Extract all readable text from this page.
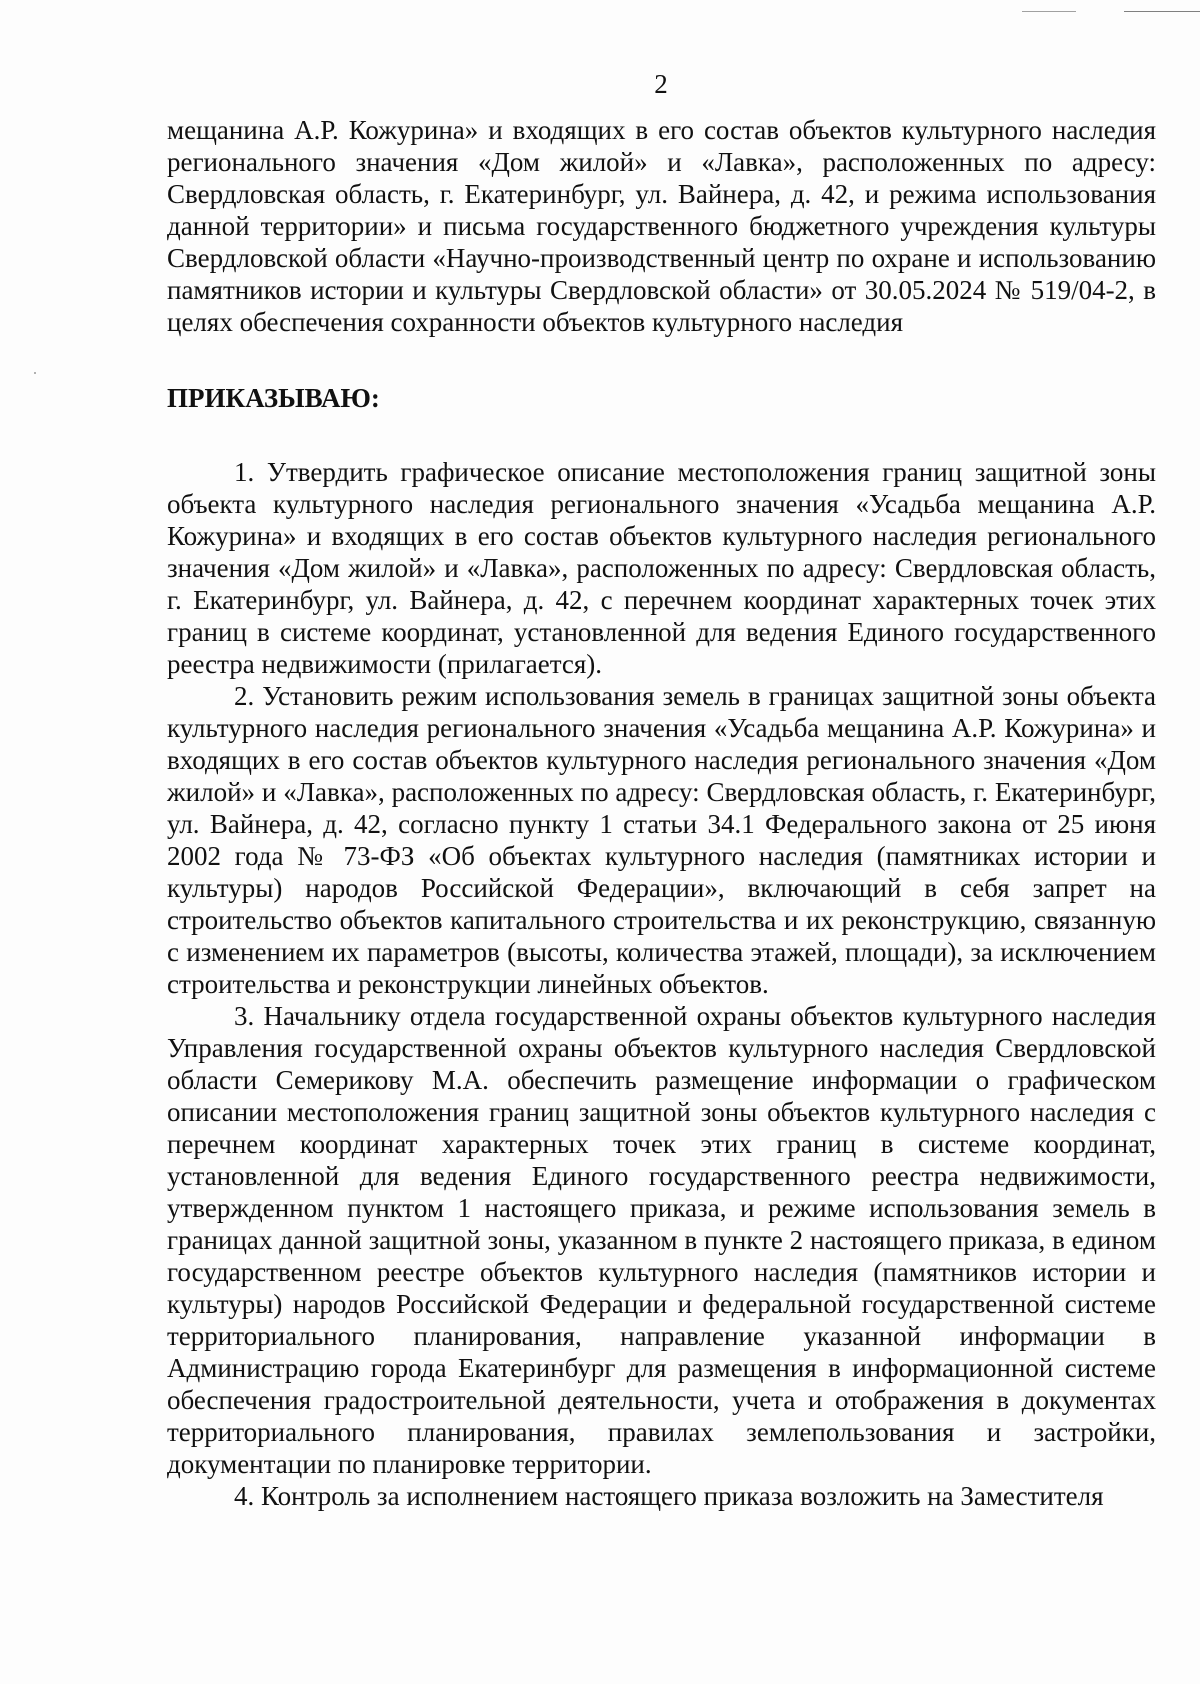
2

мещанина А.Р. Кожурина» и входящих в его состав объектов культурного наследия регионального значения «Дом жилой» и «Лавка», расположенных по адресу: Свердловская область, г. Екатеринбург, ул. Вайнера, д. 42, и режима использования данной территории» и письма государственного бюджетного учреждения культуры Свердловской области «Научно-производственный центр по охране и использованию памятников истории и культуры Свердловской области» от 30.05.2024 № 519/04-2, в целях обеспечения сохранности объектов культурного наследия

ПРИКАЗЫВАЮ:

1. Утвердить графическое описание местоположения границ защитной зоны объекта культурного наследия регионального значения «Усадьба мещанина А.Р. Кожурина» и входящих в его состав объектов культурного наследия регионального значения «Дом жилой» и «Лавка», расположенных по адресу: Свердловская область, г. Екатеринбург, ул. Вайнера, д. 42, с перечнем координат характерных точек этих границ в системе координат, установленной для ведения Единого государственного реестра недвижимости (прилагается).

2. Установить режим использования земель в границах защитной зоны объекта культурного наследия регионального значения «Усадьба мещанина А.Р. Кожурина» и входящих в его состав объектов культурного наследия регионального значения «Дом жилой» и «Лавка», расположенных по адресу: Свердловская область, г. Екатеринбург, ул. Вайнера, д. 42, согласно пункту 1 статьи 34.1 Федерального закона от 25 июня 2002 года № 73-ФЗ «Об объектах культурного наследия (памятниках истории и культуры) народов Российской Федерации», включающий в себя запрет на строительство объектов капитального строительства и их реконструкцию, связанную с изменением их параметров (высоты, количества этажей, площади), за исключением строительства и реконструкции линейных объектов.

3. Начальнику отдела государственной охраны объектов культурного наследия Управления государственной охраны объектов культурного наследия Свердловской области Семерикову М.А. обеспечить размещение информации о графическом описании местоположения границ защитной зоны объектов культурного наследия с перечнем координат характерных точек этих границ в системе координат, установленной для ведения Единого государственного реестра недвижимости, утвержденном пунктом 1 настоящего приказа, и режиме использования земель в границах данной защитной зоны, указанном в пункте 2 настоящего приказа, в едином государственном реестре объектов культурного наследия (памятников истории и культуры) народов Российской Федерации и федеральной государственной системе территориального планирования, направление указанной информации в Администрацию города Екатеринбург для размещения в информационной системе обеспечения градостроительной деятельности, учета и отображения в документах территориального планирования, правилах землепользования и застройки, документации по планировке территории.

4. Контроль за исполнением настоящего приказа возложить на Заместителя
